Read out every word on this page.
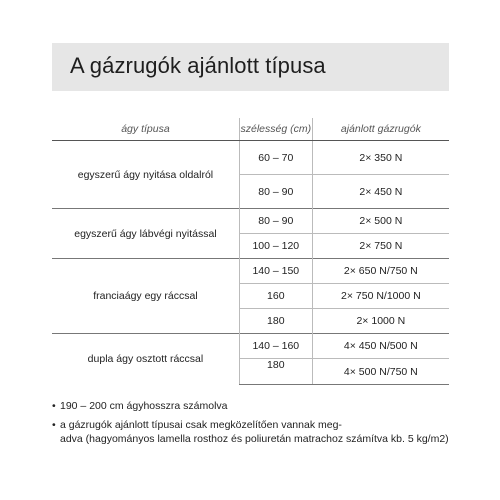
A gázrugók ajánlott típusa
ágy típusa	szélesség (cm)	ajánlott gázrugók
egyszerű ágy nyitása oldalról	60 – 70	2× 350 N
	80 – 90	2× 450 N
egyszerű ágy lábvégi nyitással	80 – 90	2× 500 N
	100 – 120	2× 750 N
franciaágy egy ráccsal	140 – 150	2× 650 N/750 N
	160	2× 750 N/1000 N
	180	2× 1000 N
dupla ágy osztott ráccsal	140 – 160	4× 450 N/500 N
	180	4× 500 N/750 N
• 190 – 200 cm ágyhosszra számolva
• a gázrugók ajánlott típusai csak megközelítően vannak meg-
adva (hagyományos lamella rosthoz és poliuretán matrachoz számítva kb. 5 kg/m2)
